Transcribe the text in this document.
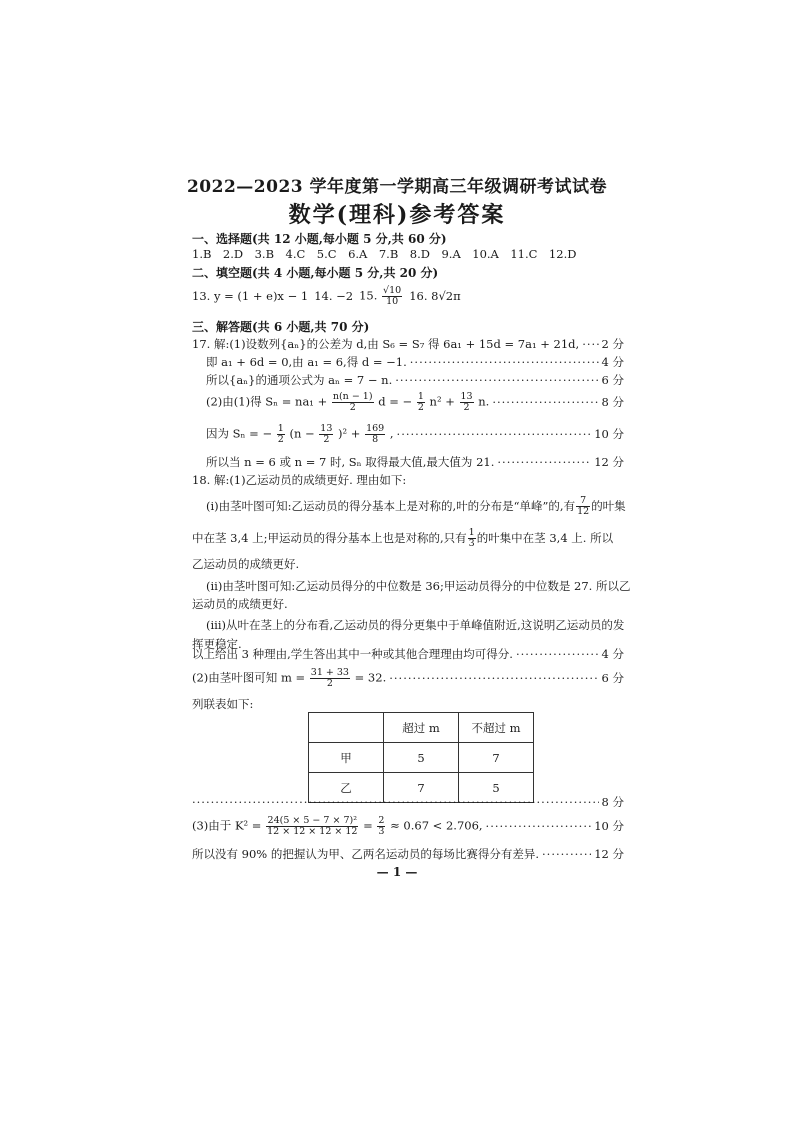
2022—2023 学年度第一学期高三年级调研考试试卷
数学(理科)参考答案
一、选择题(共 12 小题,每小题 5 分,共 60 分)
1.B　2.D　3.B　4.C　5.C　6.A　7.B　8.D　9.A　10.A　11.C　12.D
二、填空题(共 4 小题,每小题 5 分,共 20 分)
13. y = (1 + e)x − 1 14. −2 15. $\frac{√10}{10} 16$. 8√2π
三、解答题(共 6 小题,共 70 分)
17. 解:(1)设数列{aₙ}的公差为 d,由 S₆ = S₇ 得 6a₁ + 15d = 7a₁ + 21d, ····· 2 分
即 a₁ + 6d = 0,由 a₁ = 6,得 d = −1. ·····	4 分
所以{aₙ}的通项公式为 aₙ = 7 − n. ·····	6 分
(2)由(1)得 $S_n = na_1 + \frac{n(n - 1)}{2}$ d = − $\frac{1}{2} n^2 + \frac{13}{2} n$. ·····	8 分
因为 Sₙ = − $\frac{1}{2} (n - \frac{13}{2} )^2 + \frac{169}{8}$ , ·····	10 分
所以当 n = 6 或 n = 7 时, Sₙ 取得最大值,最大值为 21. ·····	12 分
18. 解:(1)乙运动员的成绩更好. 理由如下:
(ⅰ)由茎叶图可知:乙运动员的得分基本上是对称的,叶的分布是“单峰”的,有 $\frac{7}{12}$ 的叶集
中在茎 3,4 上;甲运动员的得分基本上也是对称的,只有 $\frac{1}{3}$ 的叶集中在茎 3,4 上. 所以
乙运动员的成绩更好.
(ⅱ)由茎叶图可知:乙运动员得分的中位数是 36;甲运动员得分的中位数是 27. 所以乙
运动员的成绩更好.
(ⅲ)从叶在茎上的分布看,乙运动员的得分更集中于单峰值附近,这说明乙运动员的发
挥更稳定.
以上给出 3 种理由,学生答出其中一种或其他合理理由均可得分. ·····	4 分
(2)由茎叶图可知 $m = \frac{31 + 33}{2} = 32$. ·····	6 分
列联表如下:
	超过 m	不超过 m
甲	5	7
乙	7	5
·····
8 分
(3)由于 $K^2 = \frac{\text{24(5 × 5 − 7 × 7)²}}{12 \times 12 \times 12 \times 12} = \frac{2}{3} \approx 0.67 < 2.706$, ·····	10 分
所以没有 90% 的把握认为甲、乙两名运动员的每场比赛得分有差异. ·····	12 分
— 1 —
